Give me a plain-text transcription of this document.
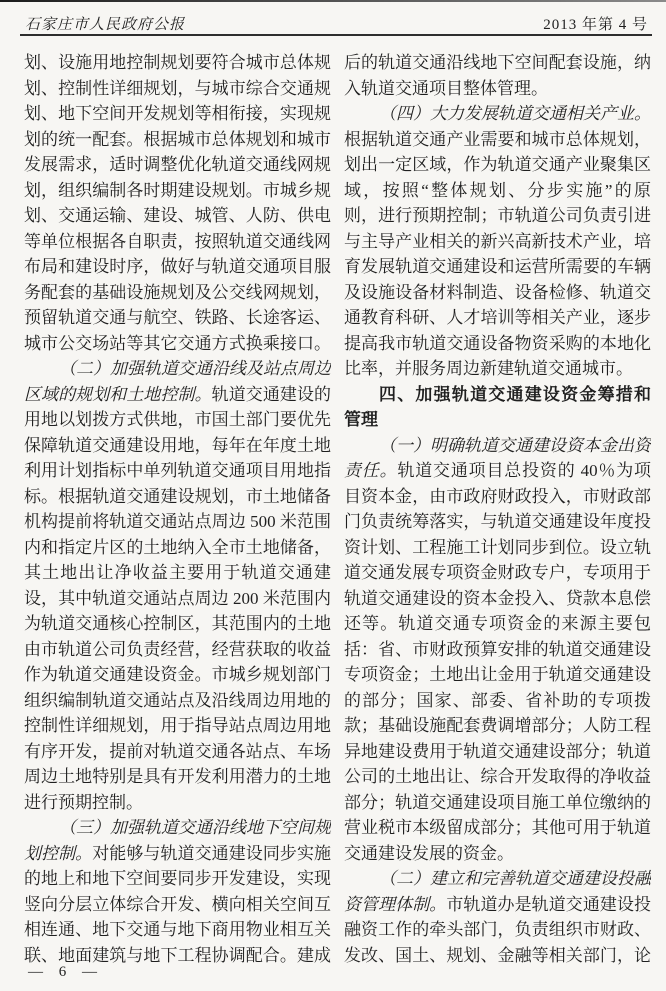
石家庄市人民政府公报	2013 年第 4 号
划、设施用地控制规划要符合城市总体规
划、控制性详细规划，与城市综合交通规
划、地下空间开发规划等相衔接，实现规
划的统一配套。根据城市总体规划和城市
发展需求，适时调整优化轨道交通线网规
划，组织编制各时期建设规划。市城乡规
划、交通运输、建设、城管、人防、供电
等单位根据各自职责，按照轨道交通线网
布局和建设时序，做好与轨道交通项目服
务配套的基础设施规划及公交线网规划，
预留轨道交通与航空、铁路、长途客运、
城市公交场站等其它交通方式换乘接口。
（二）加强轨道交通沿线及站点周边
区域的规划和土地控制。轨道交通建设的
用地以划拨方式供地，市国土部门要优先
保障轨道交通建设用地，每年在年度土地
利用计划指标中单列轨道交通项目用地指
标。根据轨道交通建设规划，市土地储备
机构提前将轨道交通站点周边 500 米范围
内和指定片区的土地纳入全市土地储备，
其土地出让净收益主要用于轨道交通建
设，其中轨道交通站点周边 200 米范围内
为轨道交通核心控制区，其范围内的土地
由市轨道公司负责经营，经营获取的收益
作为轨道交通建设资金。市城乡规划部门
组织编制轨道交通站点及沿线周边用地的
控制性详细规划，用于指导站点周边用地
有序开发，提前对轨道交通各站点、车场
周边土地特别是具有开发利用潜力的土地
进行预期控制。
（三）加强轨道交通沿线地下空间规
划控制。对能够与轨道交通建设同步实施
的地上和地下空间要同步开发建设，实现
竖向分层立体综合开发、横向相关空间互
相连通、地下交通与地下商用物业相互关
联、地面建筑与地下工程协调配合。建成
后的轨道交通沿线地下空间配套设施，纳
入轨道交通项目整体管理。
（四）大力发展轨道交通相关产业。
根据轨道交通产业需要和城市总体规划，
划出一定区域，作为轨道交通产业聚集区
域，按照“整体规划、分步实施”的原
则，进行预期控制；市轨道公司负责引进
与主导产业相关的新兴高新技术产业，培
育发展轨道交通建设和运营所需要的车辆
及设施设备材料制造、设备检修、轨道交
通教育科研、人才培训等相关产业，逐步
提高我市轨道交通设备物资采购的本地化
比率，并服务周边新建轨道交通城市。
四、加强轨道交通建设资金筹措和
管理
（一）明确轨道交通建设资本金出资
责任。轨道交通项目总投资的 40％为项
目资本金，由市政府财政投入，市财政部
门负责统筹落实，与轨道交通建设年度投
资计划、工程施工计划同步到位。设立轨
道交通发展专项资金财政专户，专项用于
轨道交通建设的资本金投入、贷款本息偿
还等。轨道交通专项资金的来源主要包
括：省、市财政预算安排的轨道交通建设
专项资金；土地出让金用于轨道交通建设
的部分；国家、部委、省补助的专项拨
款；基础设施配套费调增部分；人防工程
异地建设费用于轨道交通建设部分；轨道
公司的土地出让、综合开发取得的净收益
部分；轨道交通建设项目施工单位缴纳的
营业税市本级留成部分；其他可用于轨道
交通建设发展的资金。
（二）建立和完善轨道交通建设投融
资管理体制。市轨道办是轨道交通建设投
融资工作的牵头部门，负责组织市财政、
发改、国土、规划、金融等相关部门，论
— 6 —
